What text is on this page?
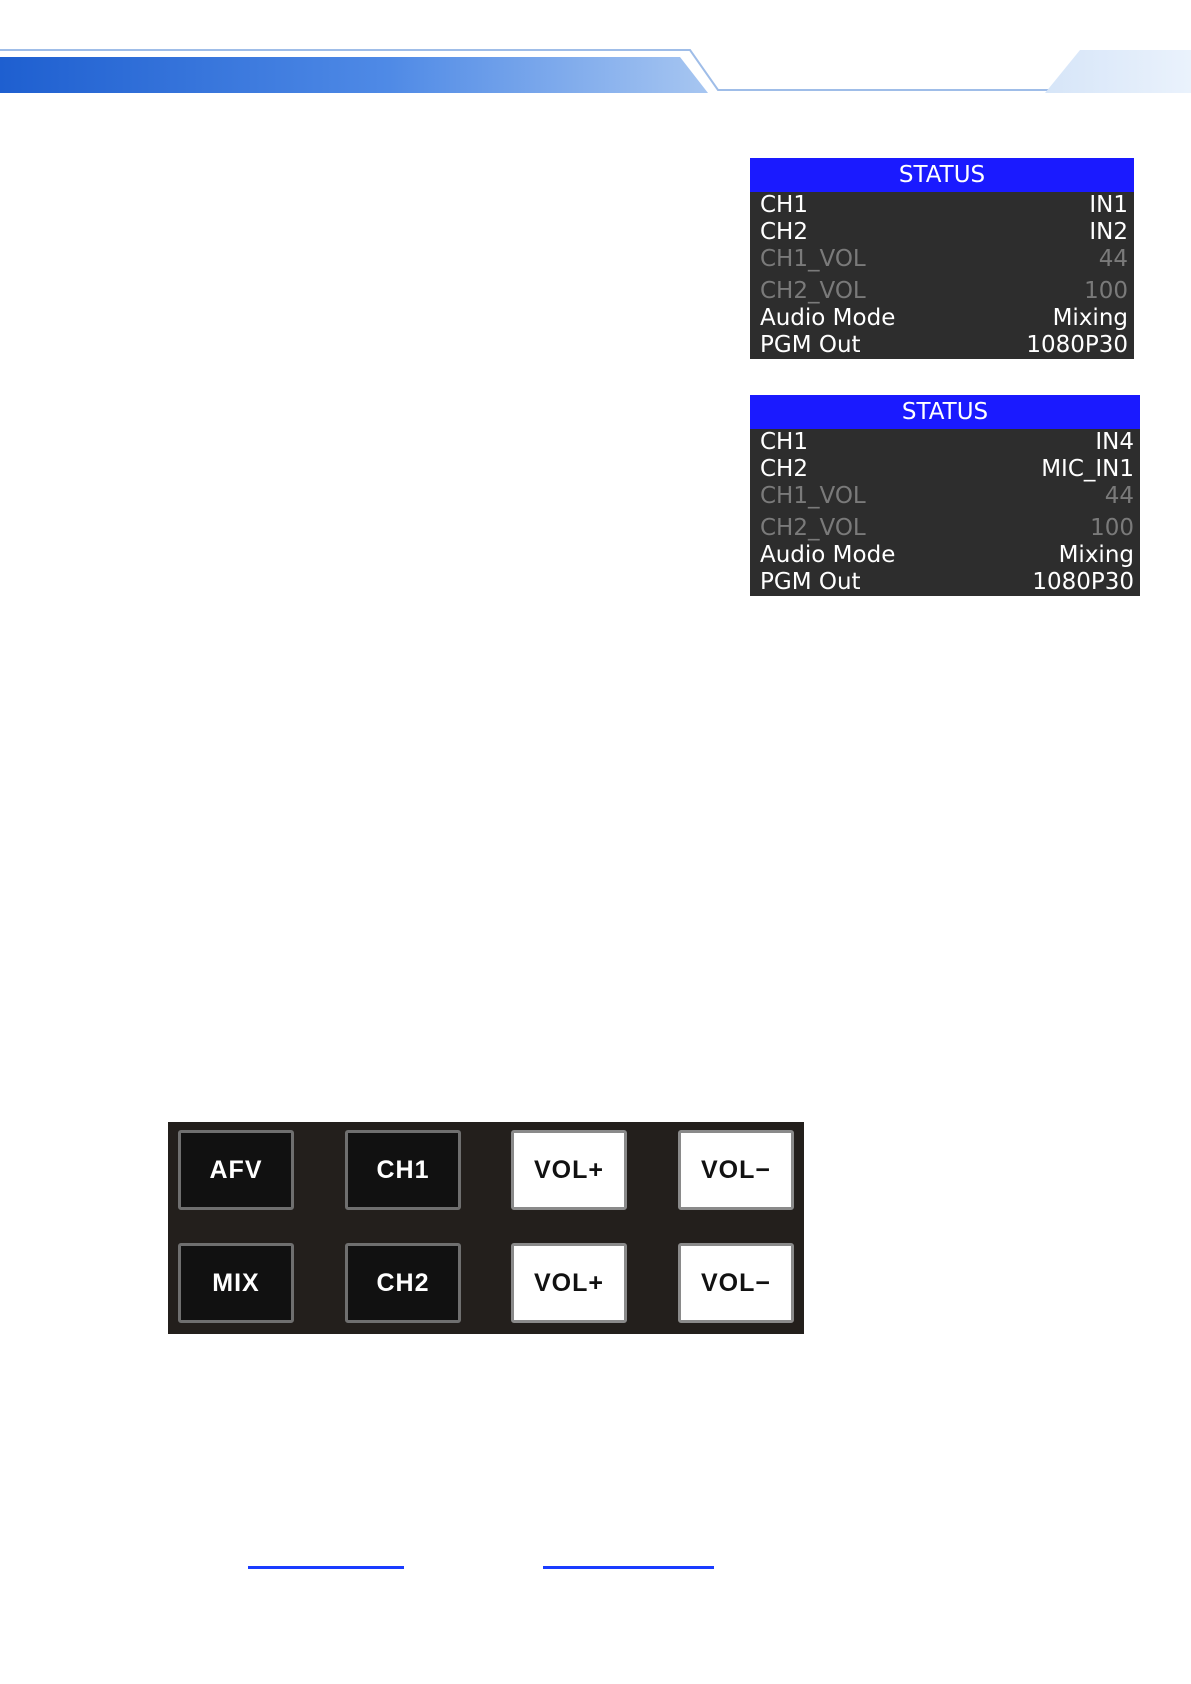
STATUS
CH1	IN1
CH2	IN2
CH1_VOL	44
CH2_VOL	100
Audio Mode	Mixing
PGM Out	1080P30
STATUS
CH1	IN4
CH2	MIC_IN1
CH1_VOL	44
CH2_VOL	100
Audio Mode	Mixing
PGM Out	1080P30
AFV	CH1	VOL+	VOL−
MIX	CH2	VOL+	VOL−
